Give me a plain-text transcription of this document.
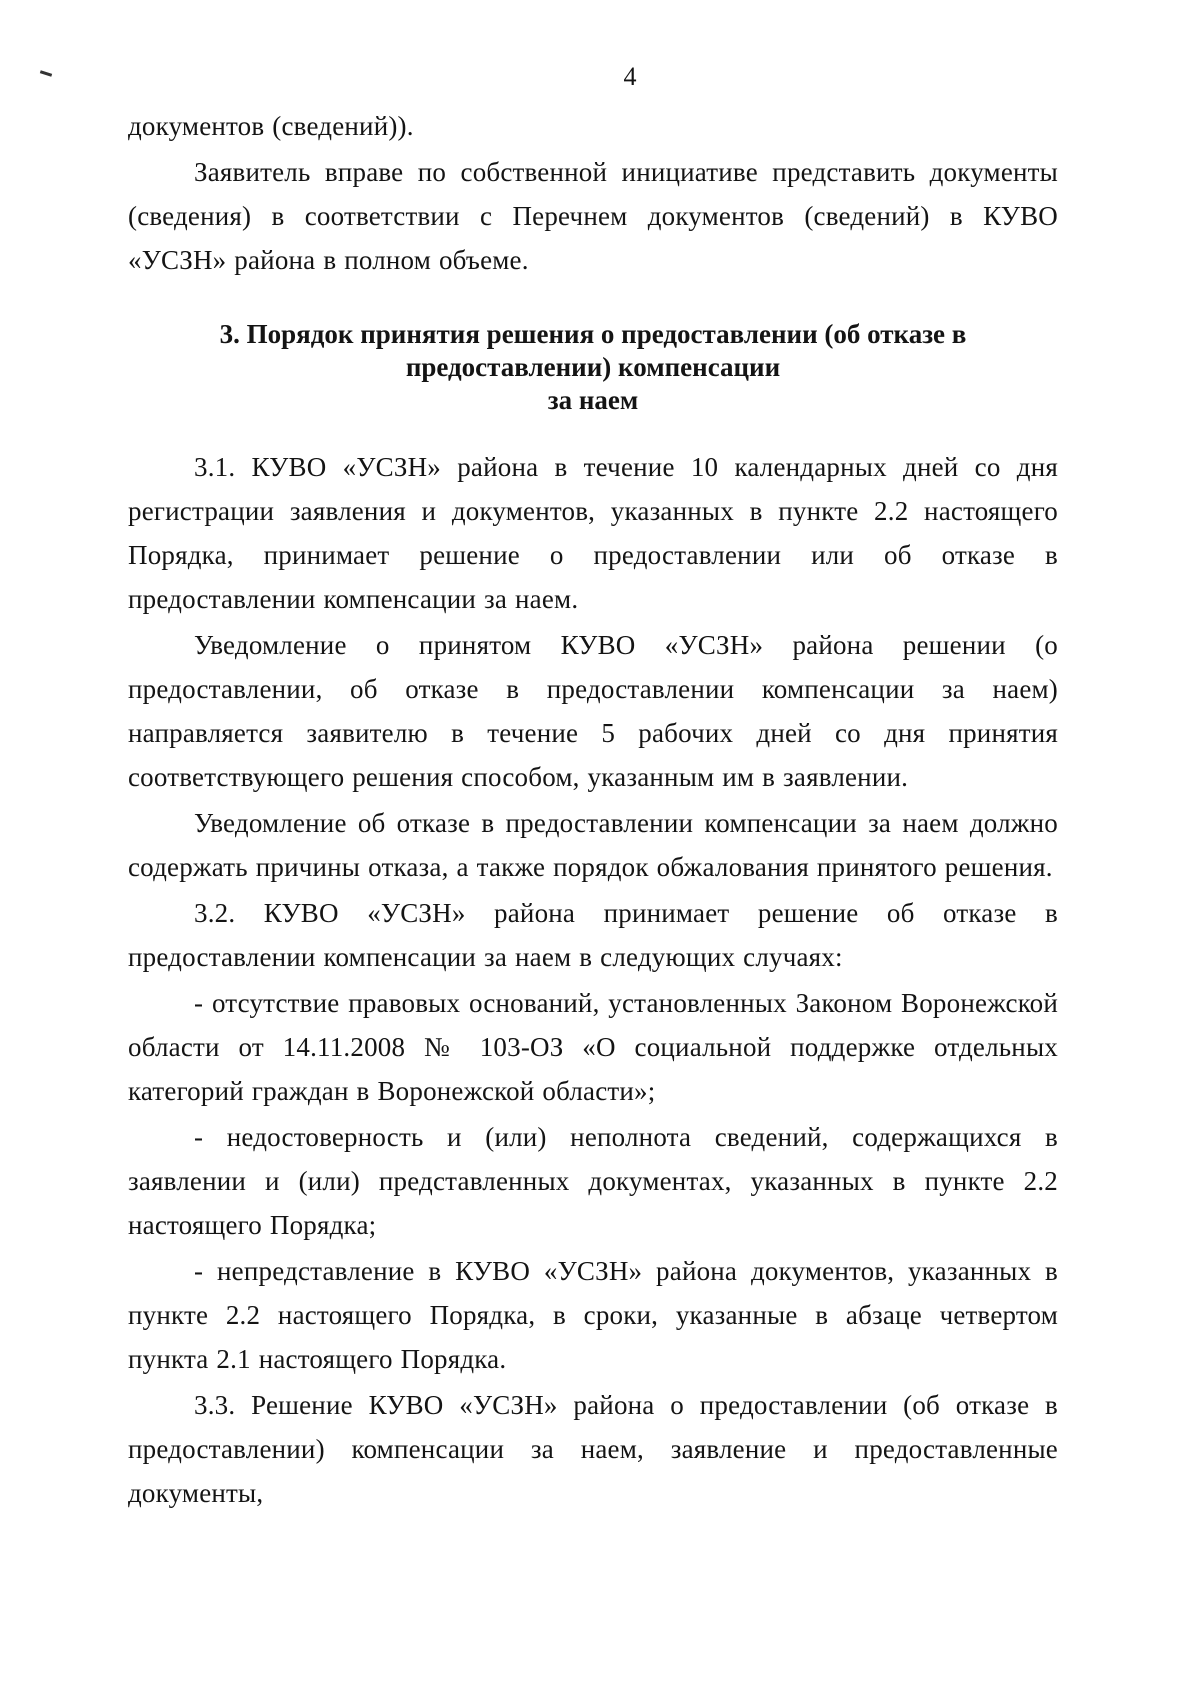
4

документов (сведений)).

Заявитель вправе по собственной инициативе представить документы (сведения) в соответствии с Перечнем документов (сведений) в КУВО «УСЗН» района в полном объеме.

3. Порядок принятия решения о предоставлении (об отказе в
предоставлении) компенсации
за наем

3.1. КУВО «УСЗН» района в течение 10 календарных дней со дня регистрации заявления и документов, указанных в пункте 2.2 настоящего Порядка, принимает решение о предоставлении или об отказе в предоставлении компенсации за наем.

Уведомление о принятом КУВО «УСЗН» района решении (о предоставлении, об отказе в предоставлении компенсации за наем) направляется заявителю в течение 5 рабочих дней со дня принятия соответствующего решения способом, указанным им в заявлении.

Уведомление об отказе в предоставлении компенсации за наем должно содержать причины отказа, а также порядок обжалования принятого решения.

3.2. КУВО «УСЗН» района принимает решение об отказе в предоставлении компенсации за наем в следующих случаях:

- отсутствие правовых оснований, установленных Законом Воронежской области от 14.11.2008 № 103-ОЗ «О социальной поддержке отдельных категорий граждан в Воронежской области»;

- недостоверность и (или) неполнота сведений, содержащихся в заявлении и (или) представленных документах, указанных в пункте 2.2 настоящего Порядка;

- непредставление в КУВО «УСЗН» района документов, указанных в пункте 2.2 настоящего Порядка, в сроки, указанные в абзаце четвертом пункта 2.1 настоящего Порядка.

3.3. Решение КУВО «УСЗН» района о предоставлении (об отказе в предоставлении) компенсации за наем, заявление и предоставленные документы,
